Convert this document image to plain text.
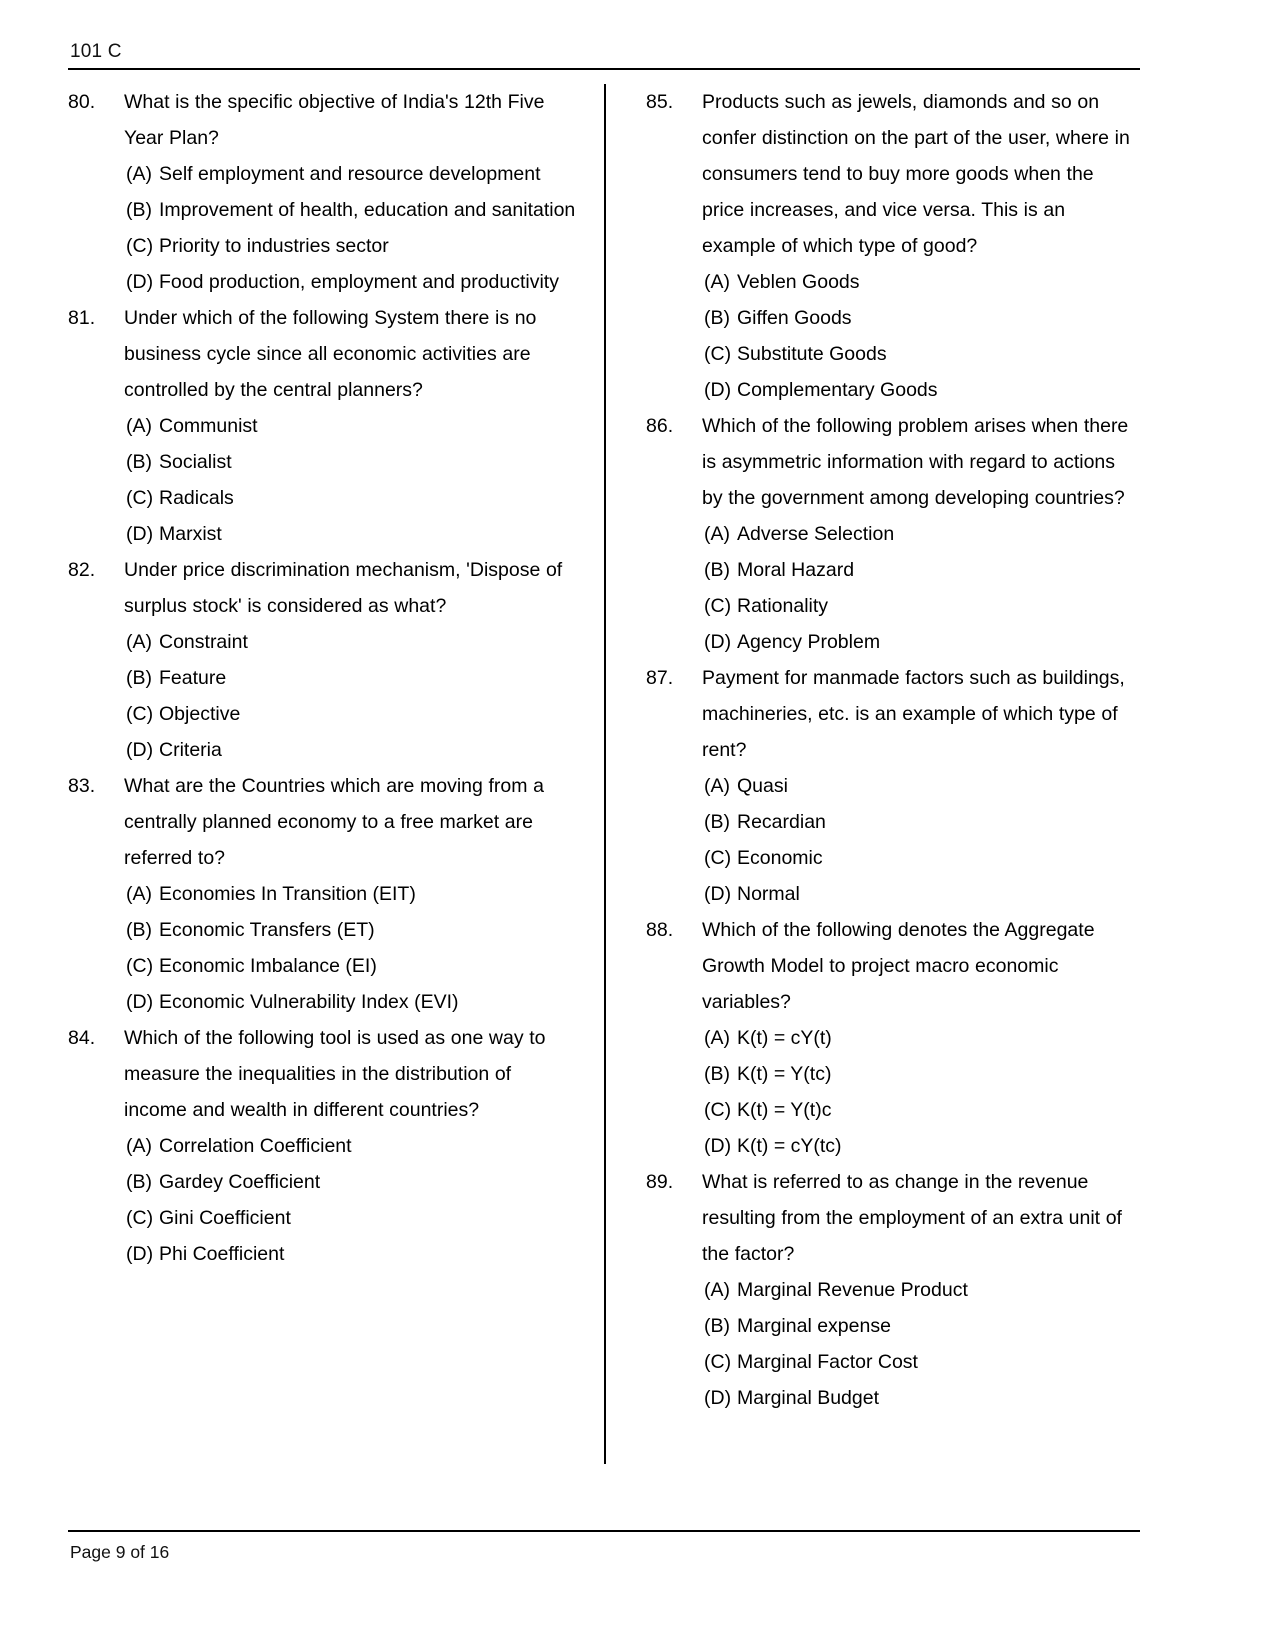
101 C
80.	What is the specific objective of India's 12th Five Year Plan?
(A) Self employment and resource development
(B) Improvement of health, education and sanitation
(C) Priority to industries sector
(D) Food production, employment and productivity
81.	Under which of the following System there is no business cycle since all economic activities are controlled by the central planners?
(A) Communist
(B) Socialist
(C) Radicals
(D) Marxist
82.	Under price discrimination mechanism, 'Dispose of surplus stock' is considered as what?
(A) Constraint
(B) Feature
(C) Objective
(D) Criteria
83.	What are the Countries which are moving from a centrally planned economy to a free market are referred to?
(A) Economies In Transition (EIT)
(B) Economic Transfers (ET)
(C) Economic Imbalance (EI)
(D) Economic Vulnerability Index (EVI)
84.	Which of the following tool is used as one way to measure the inequalities in the distribution of income and wealth in different countries?
(A) Correlation Coefficient
(B) Gardey Coefficient
(C) Gini Coefficient
(D) Phi Coefficient
85.	Products such as jewels, diamonds and so on confer distinction on the part of the user, where in consumers tend to buy more goods when the price increases, and vice versa. This is an example of which type of good?
(A) Veblen Goods
(B) Giffen Goods
(C) Substitute Goods
(D) Complementary Goods
86.	Which of the following problem arises when there is asymmetric information with regard to actions by the government among developing countries?
(A) Adverse Selection
(B) Moral Hazard
(C) Rationality
(D) Agency Problem
87.	Payment for manmade factors such as buildings, machineries, etc. is an example of which type of rent?
(A) Quasi
(B) Recardian
(C) Economic
(D) Normal
88.	Which of the following denotes the Aggregate Growth Model to project macro economic variables?
(A) K(t) = cY(t)
(B) K(t) = Y(tc)
(C) K(t) = Y(t)c
(D) K(t) = cY(tc)
89.	What is referred to as change in the revenue resulting from the employment of an extra unit of the factor?
(A) Marginal Revenue Product
(B) Marginal expense
(C) Marginal Factor Cost
(D) Marginal Budget
Page 9 of 16
